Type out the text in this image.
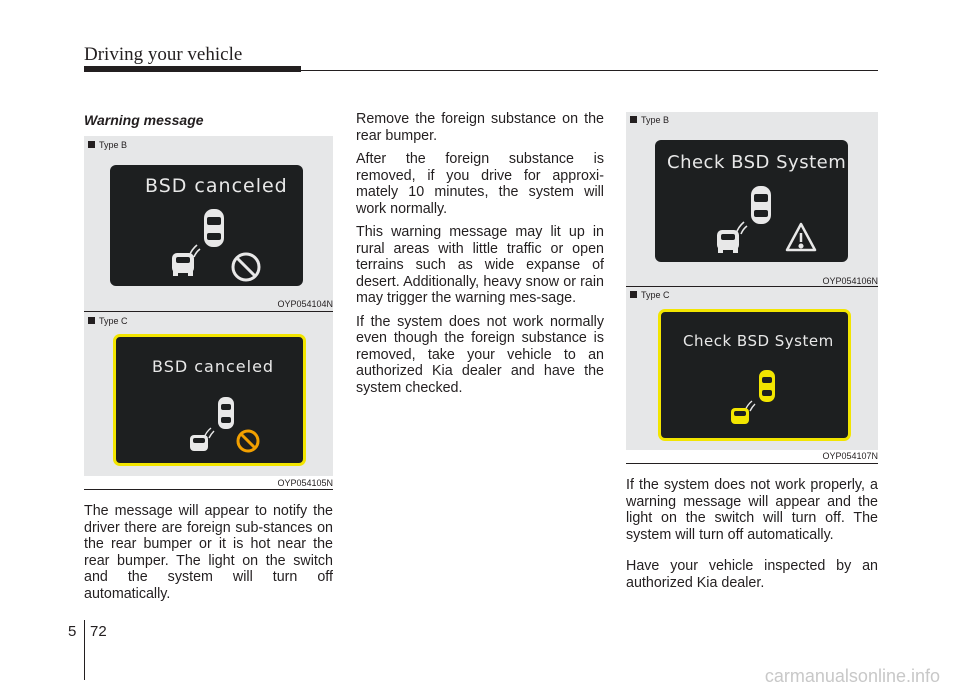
Driving your vehicle
Warning message
Type B
BSD canceled
OYP054104N
Type C
BSD canceled
OYP054105N
The message will appear to notify the driver there are foreign sub-stances on the rear bumper or it is hot near the rear bumper. The light on the switch and the system will turn off automatically.

Remove the foreign substance on the rear bumper.

After the foreign substance is removed, if you drive for approxi-mately 10 minutes, the system will work normally.

This warning message may lit up in rural areas with little traffic or open terrains such as wide expanse of desert. Additionally, heavy snow or rain may trigger the warning mes-sage.

If the system does not work normally even though the foreign substance is removed, take your vehicle to an authorized Kia dealer and have the system checked.

Type B
Check BSD System
OYP054106N
Type C
Check BSD System
OYP054107N
If the system does not work properly, a warning message will appear and the light on the switch will turn off. The system will turn off automatically.
Have your vehicle inspected by an authorized Kia dealer.
5 72
carmanualsonline.info
